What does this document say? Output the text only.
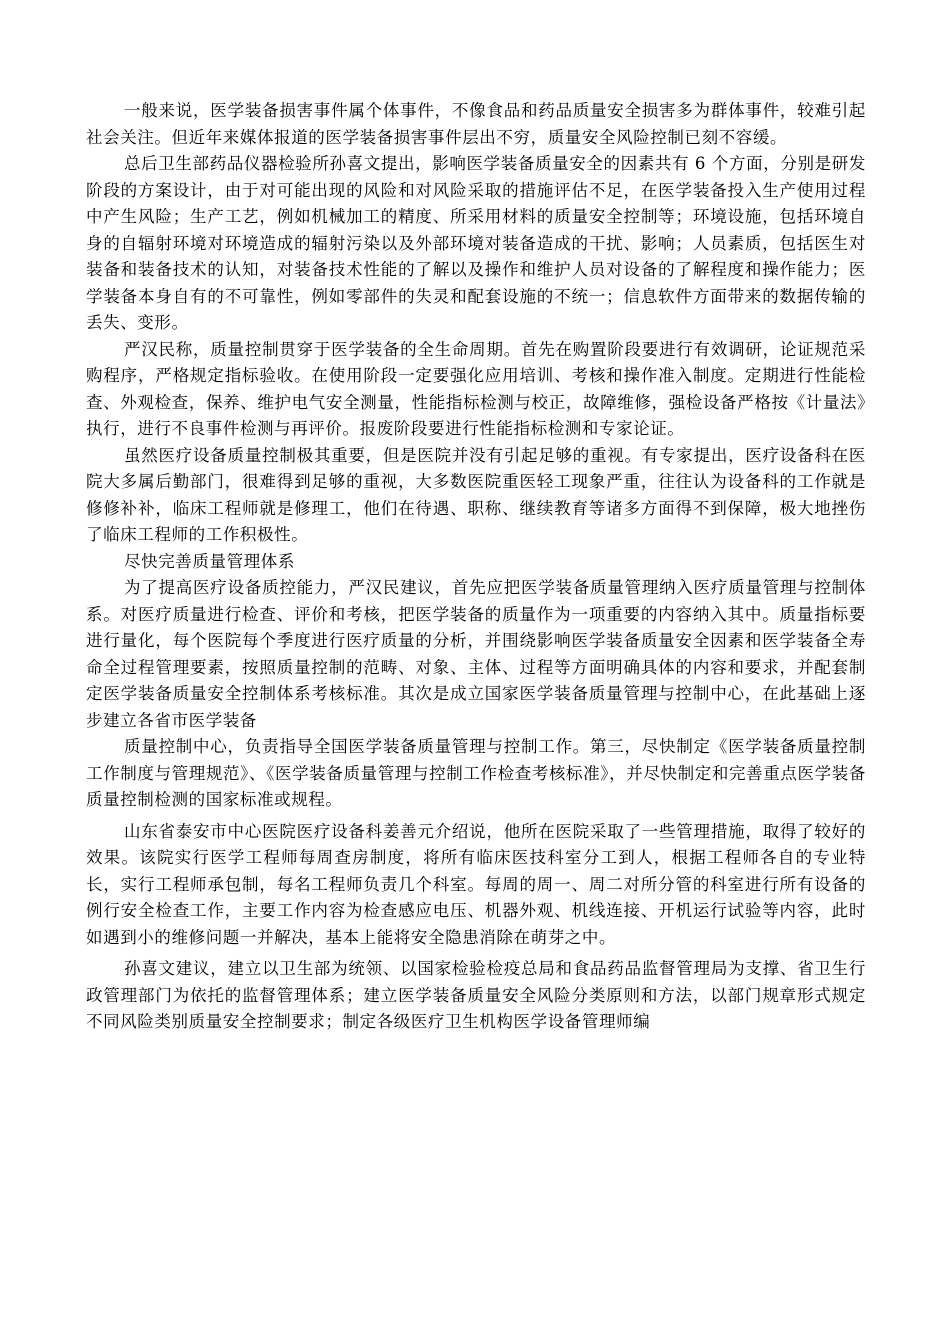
一般来说，医学装备损害事件属个体事件，不像食品和药品质量安全损害多为群体事件，较难引起社会关注。但近年来媒体报道的医学装备损害事件层出不穷，质量安全风险控制已刻不容缓。

总后卫生部药品仪器检验所孙喜文提出，影响医学装备质量安全的因素共有 6 个方面，分别是研发阶段的方案设计，由于对可能出现的风险和对风险采取的措施评估不足，在医学装备投入生产使用过程中产生风险；生产工艺，例如机械加工的精度、所采用材料的质量安全控制等；环境设施，包括环境自身的自辐射环境对环境造成的辐射污染以及外部环境对装备造成的干扰、影响；人员素质，包括医生对装备和装备技术的认知，对装备技术性能的了解以及操作和维护人员对设备的了解程度和操作能力；医学装备本身自有的不可靠性，例如零部件的失灵和配套设施的不统一；信息软件方面带来的数据传输的丢失、变形。

严汉民称，质量控制贯穿于医学装备的全生命周期。首先在购置阶段要进行有效调研，论证规范采购程序，严格规定指标验收。在使用阶段一定要强化应用培训、考核和操作准入制度。定期进行性能检查、外观检查，保养、维护电气安全测量，性能指标检测与校正，故障维修，强检设备严格按《计量法》执行，进行不良事件检测与再评价。报废阶段要进行性能指标检测和专家论证。

虽然医疗设备质量控制极其重要，但是医院并没有引起足够的重视。有专家提出，医疗设备科在医院大多属后勤部门，很难得到足够的重视，大多数医院重医轻工现象严重，往往认为设备科的工作就是修修补补，临床工程师就是修理工，他们在待遇、职称、继续教育等诸多方面得不到保障，极大地挫伤了临床工程师的工作积极性。

尽快完善质量管理体系

为了提高医疗设备质控能力，严汉民建议，首先应把医学装备质量管理纳入医疗质量管理与控制体系。对医疗质量进行检查、评价和考核，把医学装备的质量作为一项重要的内容纳入其中。质量指标要进行量化，每个医院每个季度进行医疗质量的分析，并围绕影响医学装备质量安全因素和医学装备全寿命全过程管理要素，按照质量控制的范畴、对象、主体、过程等方面明确具体的内容和要求，并配套制定医学装备质量安全控制体系考核标准。其次是成立国家医学装备质量管理与控制中心，在此基础上逐步建立各省市医学装备

质量控制中心，负责指导全国医学装备质量管理与控制工作。第三，尽快制定《医学装备质量控制工作制度与管理规范》、《医学装备质量管理与控制工作检查考核标准》，并尽快制定和完善重点医学装备质量控制检测的国家标准或规程。

山东省泰安市中心医院医疗设备科姜善元介绍说，他所在医院采取了一些管理措施，取得了较好的效果。该院实行医学工程师每周查房制度，将所有临床医技科室分工到人，根据工程师各自的专业特长，实行工程师承包制，每名工程师负责几个科室。每周的周一、周二对所分管的科室进行所有设备的例行安全检查工作，主要工作内容为检查感应电压、机器外观、机线连接、开机运行试验等内容，此时如遇到小的维修问题一并解决，基本上能将安全隐患消除在萌芽之中。

孙喜文建议，建立以卫生部为统领、以国家检验检疫总局和食品药品监督管理局为支撑、省卫生行政管理部门为依托的监督管理体系；建立医学装备质量安全风险分类原则和方法，以部门规章形式规定不同风险类别质量安全控制要求；制定各级医疗卫生机构医学设备管理师编
